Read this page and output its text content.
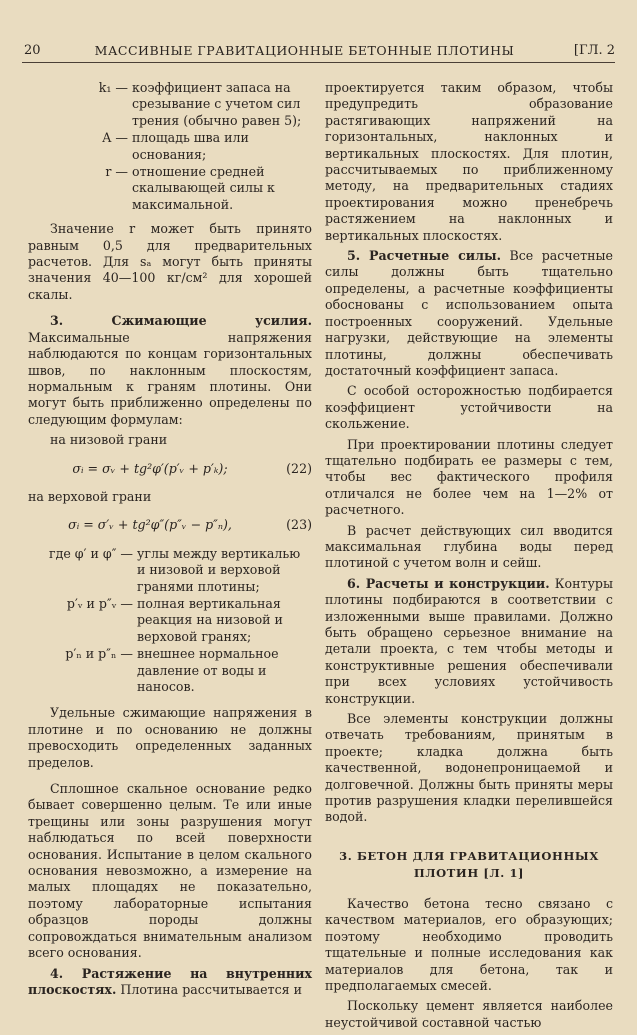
20	МАССИВНЫЕ ГРАВИТАЦИОННЫЕ БЕТОННЫЕ ПЛОТИНЫ	[ГЛ. 2
k₁ — коэффициент запаса на срезывание с учетом сил трения (обычно равен 5);
A — площадь шва или основания;
r — отношение средней скалывающей силы к максимальной.

Значение r может быть принято равным 0,5 для предварительных расчетов. Для sₐ могут быть приняты значения 40—100 кг/см² для хорошей скалы.

3. Сжимающие усилия. Максимальные напряжения наблюдаются по концам горизонтальных швов, по наклонным плоскостям, нормальным к граням плотины. Они могут быть приближенно определены по следующим формулам:

на низовой грани

σᵢ = σᵥ + tg²φ′(p′ᵥ + p′ₖ);	(22)

на верховой грани

σᵢ = σ′ᵥ + tg²φ″(p″ᵥ − p″ₙ),	(23)
где φ′ и φ″ — углы между вертикалью и низовой и верховой гранями плотины;
p′ᵥ и p″ᵥ — полная вертикальная реакция на низовой и верховой гранях;
p′ₙ и p″ₙ — внешнее нормальное давление от воды и наносов.

Удельные сжимающие напряжения в плотине и по основанию не должны превосходить определенных заданных пределов.

Сплошное скальное основание редко бывает совершенно целым. Те или иные трещины или зоны разрушения могут наблюдаться по всей поверхности основания. Испытание в целом скального основания невозможно, а измерение на малых площадях не показательно, поэтому лабораторные испытания образцов породы должны сопровождаться внимательным анализом всего основания.

4. Растяжение на внутренних плоскостях. Плотина рассчитывается и

проектируется таким образом, чтобы предупредить образование растягивающих напряжений на горизонтальных, наклонных и вертикальных плоскостях. Для плотин, рассчитываемых по приближенному методу, на предварительных стадиях проектирования можно пренебречь растяжением на наклонных и вертикальных плоскостях.

5. Расчетные силы. Все расчетные силы должны быть тщательно определены, а расчетные коэффициенты обоснованы с использованием опыта построенных сооружений. Удельные нагрузки, действующие на элементы плотины, должны обеспечивать достаточный коэффициент запаса.

С особой осторожностью подбирается коэффициент устойчивости на скольжение.

При проектировании плотины следует тщательно подбирать ее размеры с тем, чтобы вес фактического профиля отличался не более чем на 1—2% от расчетного.

В расчет действующих сил вводится максимальная глубина воды перед плотиной с учетом волн и сейш.

6. Расчеты и конструкции. Контуры плотины подбираются в соответствии с изложенными выше правилами. Должно быть обращено серьезное внимание на детали проекта, с тем чтобы методы и конструктивные решения обеспечивали при всех условиях устойчивость конструкции.

Все элементы конструкции должны отвечать требованиям, принятым в проекте; кладка должна быть качественной, водонепроницаемой и долговечной. Должны быть приняты меры против разрушения кладки перелившейся водой.

3. БЕТОН ДЛЯ ГРАВИТАЦИОННЫХ
ПЛОТИН [Л. 1]

Качество бетона тесно связано с качеством материалов, его образующих; поэтому необходимо проводить тщательные и полные исследования как материалов для бетона, так и предполагаемых смесей.

Поскольку цемент является наиболее неустойчивой составной частью
